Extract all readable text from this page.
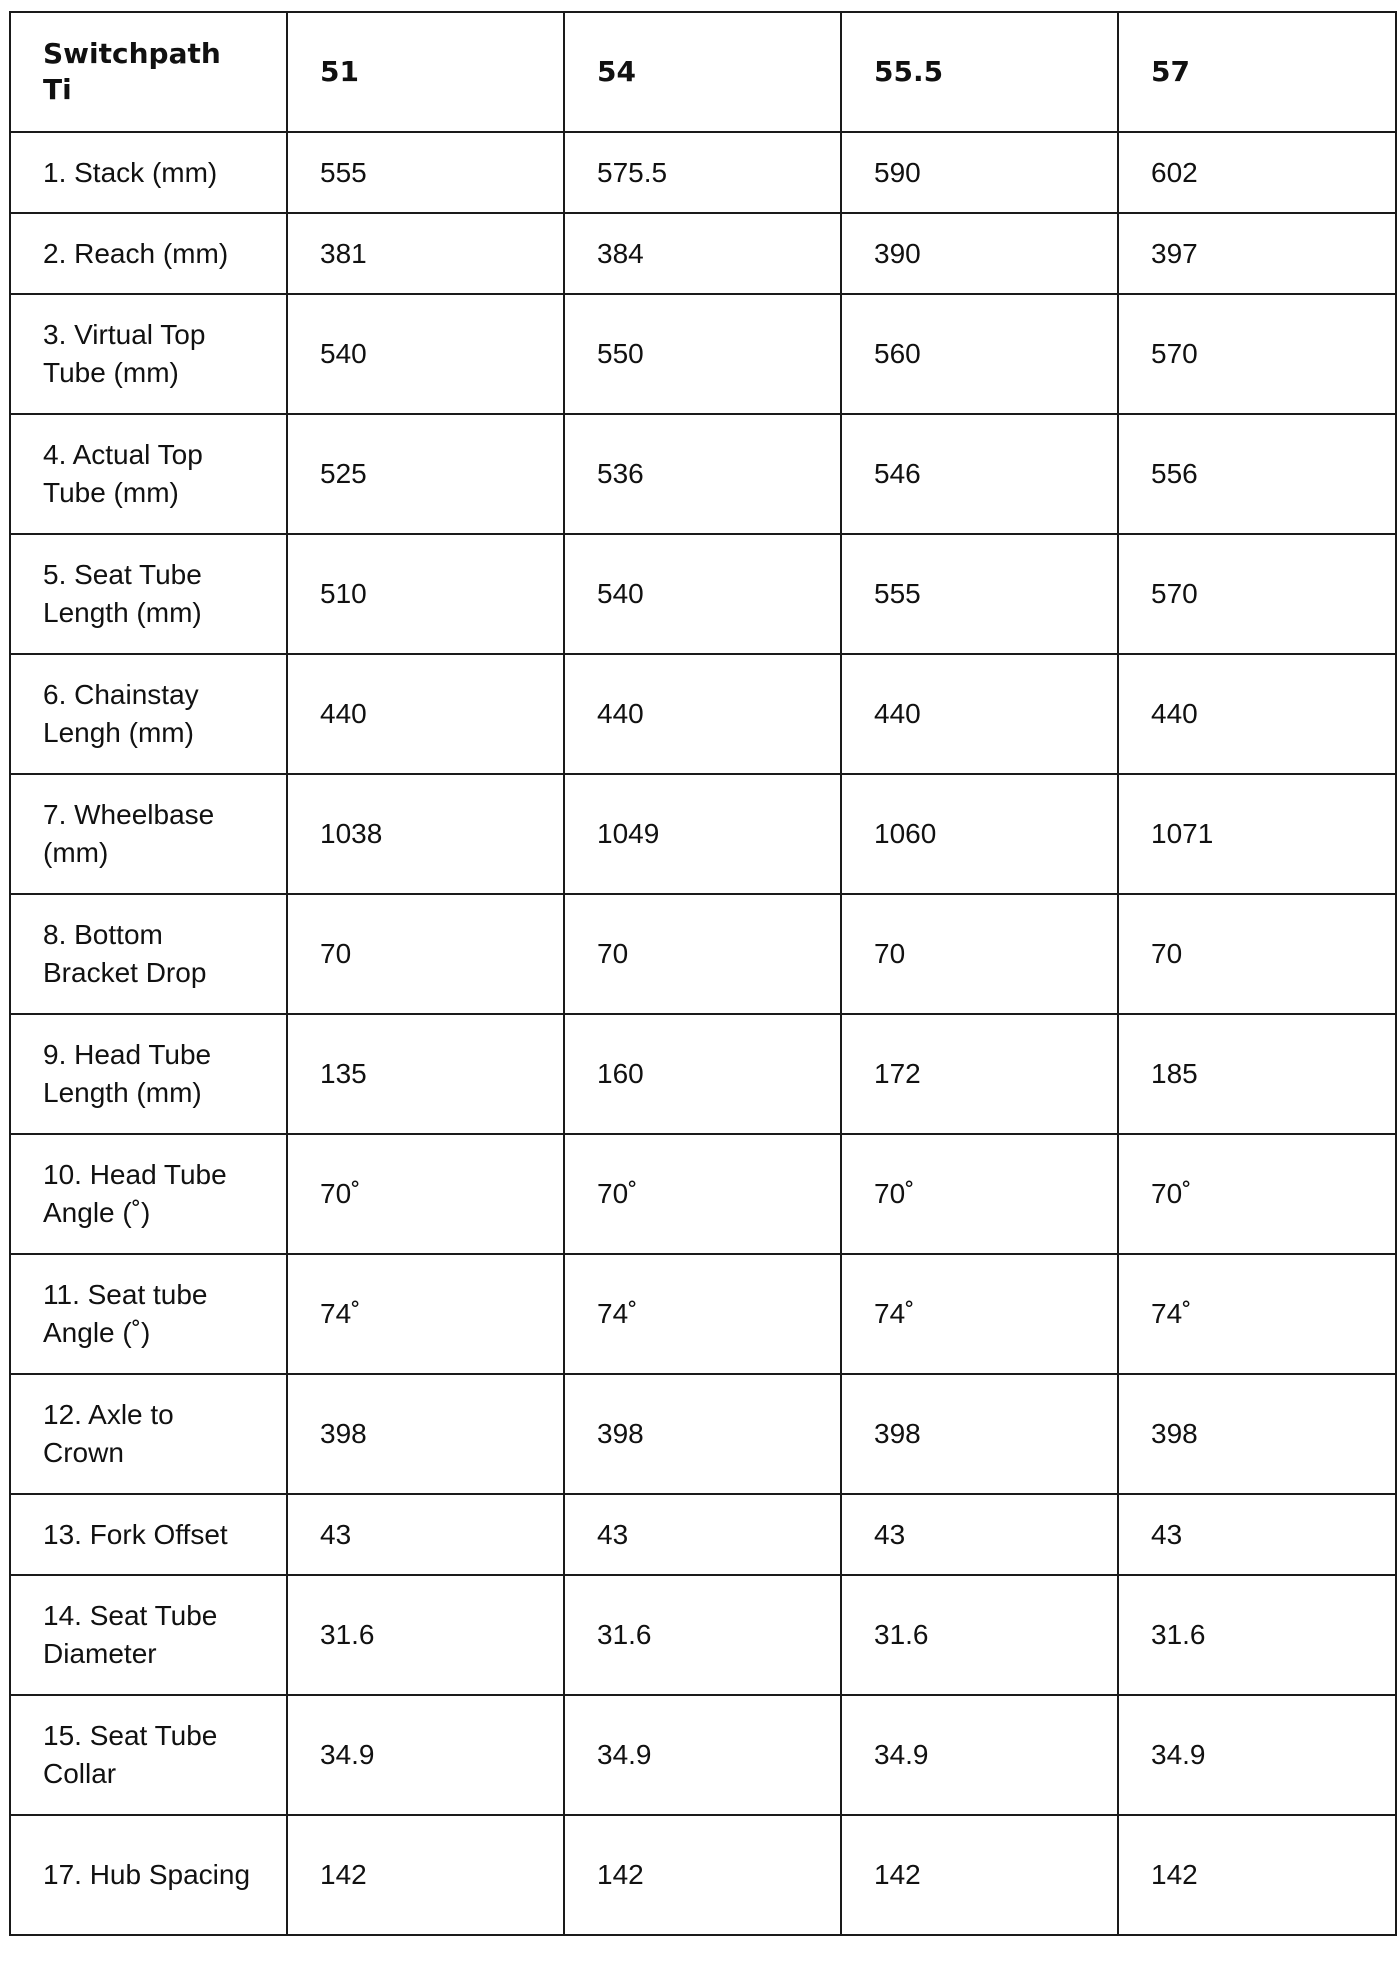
Switchpath Ti	51	54	55.5	57
1. Stack (mm)	555	575.5	590	602
2. Reach (mm)	381	384	390	397
3. Virtual Top Tube (mm)	540	550	560	570
4. Actual Top Tube (mm)	525	536	546	556
5. Seat Tube Length (mm)	510	540	555	570
6. Chainstay Lengh (mm)	440	440	440	440
7. Wheelbase (mm)	1038	1049	1060	1071
8. Bottom Bracket Drop	70	70	70	70
9. Head Tube Length (mm)	135	160	172	185
10. Head Tube Angle (˚)	70˚	70˚	70˚	70˚
11. Seat tube Angle (˚)	74˚	74˚	74˚	74˚
12. Axle to Crown	398	398	398	398
13. Fork Offset	43	43	43	43
14. Seat Tube Diameter	31.6	31.6	31.6	31.6
15. Seat Tube Collar	34.9	34.9	34.9	34.9
17. Hub Spacing	142	142	142	142
